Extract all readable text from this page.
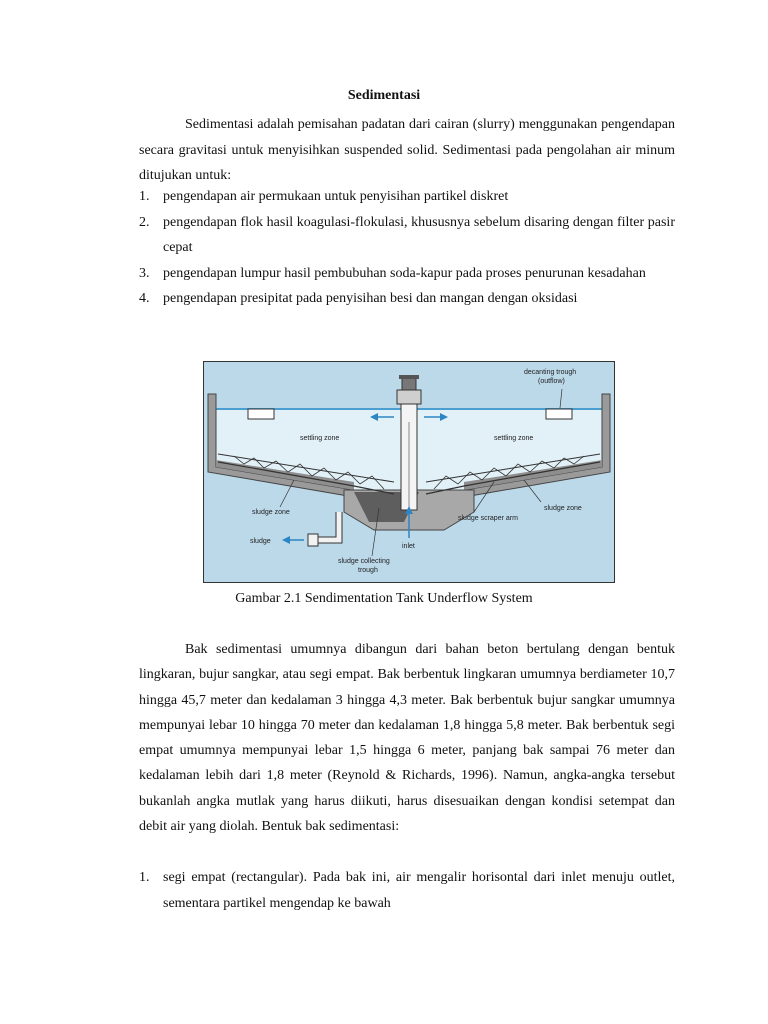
Sedimentasi
Sedimentasi adalah pemisahan padatan dari cairan (slurry) menggunakan pengendapan secara gravitasi untuk menyisihkan suspended solid. Sedimentasi pada pengolahan air minum ditujukan untuk:
1. pengendapan air permukaan untuk penyisihan partikel diskret
2. pengendapan flok hasil koagulasi-flokulasi, khususnya sebelum disaring dengan filter pasir cepat
3. pengendapan lumpur hasil pembubuhan soda-kapur pada proses penurunan kesadahan
4. pengendapan presipitat pada penyisihan besi dan mangan dengan oksidasi
decanting trough
(outflow)
settling zone	settling zone
sludge zone
sludge zone
sludge scraper arm
sludge
inlet
sludge collecting
trough
Gambar 2.1 Sendimentation Tank Underflow System
Bak sedimentasi umumnya dibangun dari bahan beton bertulang dengan bentuk lingkaran, bujur sangkar, atau segi empat. Bak berbentuk lingkaran umumnya berdiameter 10,7 hingga 45,7 meter dan kedalaman 3 hingga 4,3 meter. Bak berbentuk bujur sangkar umumnya mempunyai lebar 10 hingga 70 meter dan kedalaman 1,8 hingga 5,8 meter. Bak berbentuk segi empat umumnya mempunyai lebar 1,5 hingga 6 meter, panjang bak sampai 76 meter dan kedalaman lebih dari 1,8 meter (Reynold & Richards, 1996). Namun, angka-angka tersebut bukanlah angka mutlak yang harus diikuti, harus disesuaikan dengan kondisi setempat dan debit air yang diolah. Bentuk bak sedimentasi:
1. segi empat (rectangular). Pada bak ini, air mengalir horisontal dari inlet menuju outlet, sementara partikel mengendap ke bawah
